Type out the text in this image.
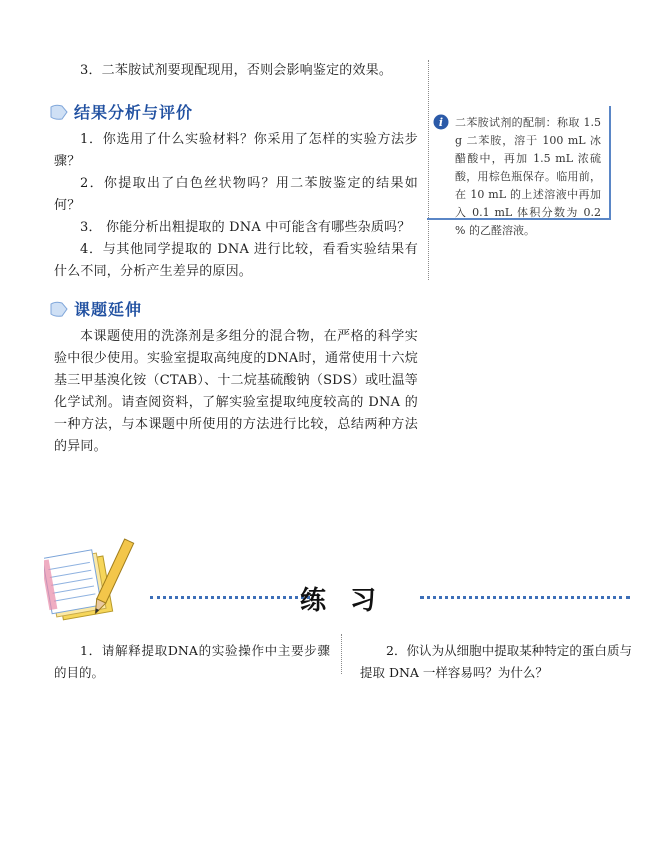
3．二苯胺试剂要现配现用，否则会影响鉴定的效果。

结果分析与评价

1．你选用了什么实验材料？你采用了怎样的实验方法步骤？

2．你提取出了白色丝状物吗？用二苯胺鉴定的结果如何？

3． 你能分析出粗提取的 DNA 中可能含有哪些杂质吗？

4．与其他同学提取的 DNA 进行比较，看看实验结果有什么不同，分析产生差异的原因。

课题延伸

本课题使用的洗涤剂是多组分的混合物，在严格的科学实验中很少使用。实验室提取高纯度的DNA时，通常使用十六烷基三甲基溴化铵（CTAB）、十二烷基硫酸钠（SDS）或吐温等化学试剂。请查阅资料，了解实验室提取纯度较高的 DNA 的一种方法，与本课题中所使用的方法进行比较，总结两种方法的异同。

i 二苯胺试剂的配制：称取 1.5 g 二苯胺，溶于 100 mL 冰醋酸中，再加 1.5 mL 浓硫酸，用棕色瓶保存。临用前，在 10 mL 的上述溶液中再加入 0.1 mL 体积分数为 0.2 % 的乙醛溶液。

练习

1．请解释提取DNA的实验操作中主要步骤的目的。

2．你认为从细胞中提取某种特定的蛋白质与提取 DNA 一样容易吗？为什么？
